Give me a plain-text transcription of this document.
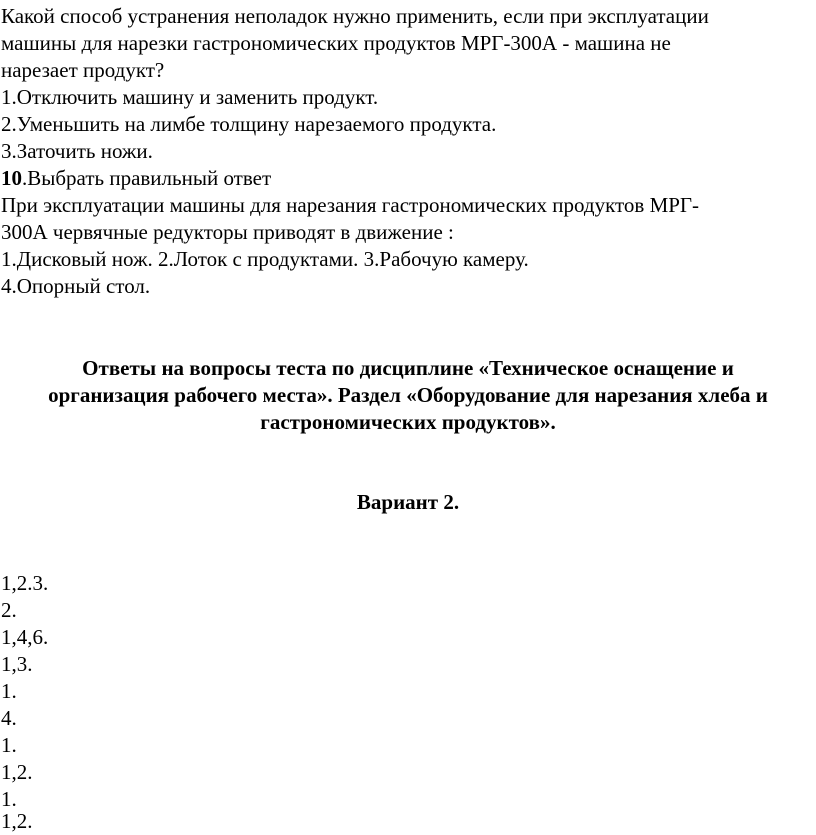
Какой способ устранения неполадок нужно применить, если при эксплуатации
машины для нарезки гастрономических продуктов МРГ-300А - машина не
нарезает продукт?
1.Отключить машину и заменить продукт.
2.Уменьшить на лимбе толщину нарезаемого продукта.
3.Заточить ножи.
10.Выбрать правильный ответ
При эксплуатации машины для нарезания гастрономических продуктов МРГ-
300А червячные редукторы приводят в движение :
1.Дисковый нож. 2.Лоток с продуктами. 3.Рабочую камеру.
4.Опорный стол.
Ответы на вопросы теста по дисциплине «Техническое оснащение и
организация рабочего места». Раздел «Оборудование для нарезания хлеба и
гастрономических продуктов».
Вариант 2.
1,2.3.
2.
1,4,6.
1,3.
1.
4.
1.
1,2.
1.
1,2.
